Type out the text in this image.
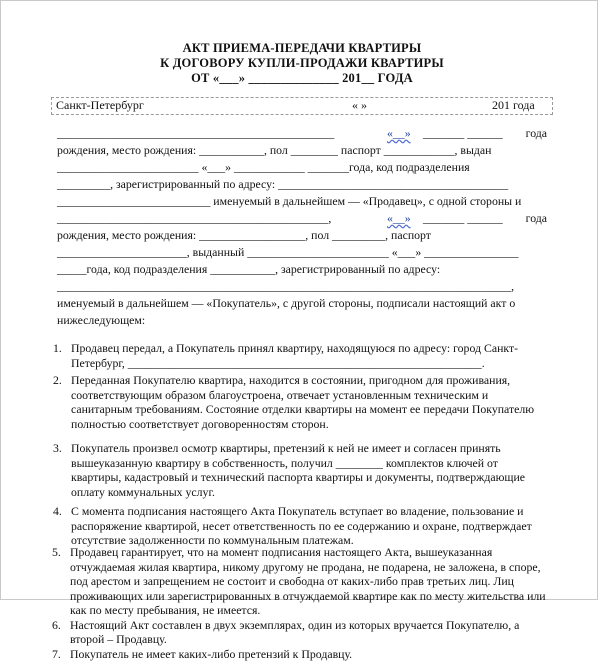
АКТ ПРИЕМА-ПЕРЕДАЧИ КВАРТИРЫ
К ДОГОВОРУ КУПЛИ-ПРОДАЖИ КВАРТИРЫ
ОТ «___» ______________ 201__ ГОДА
Санкт-Петербург	« »	201 года
_______________________________________________	«__» _______ ______ года
рождения, место рождения: ___________, пол ________ паспорт ____________, выдан
________________________ «___» ____________ _______года, код подразделения
_________, зарегистрированный по адресу: _______________________________________
__________________________ именуемый в дальнейшем — «Продавец», с одной стороны и
______________________________________________,	«__» _______ ______ года
рождения, место рождения: __________________, пол _________, паспорт
______________________, выданный ________________________ «___» ________________
_____года, код подразделения ___________, зарегистрированный по адресу:
_____________________________________________________________________________,
именуемый в дальнейшем — «Покупатель», с другой стороны, подписали настоящий акт о
нижеследующем:
1. Продавец передал, а Покупатель принял квартиру, находящуюся по адресу: город Санкт-Петербург, ____________________________________________________________.
2. Переданная Покупателю квартира, находится в состоянии, пригодном для проживания, соответствующим образом благоустроена, отвечает установленным техническим и санитарным требованиям. Состояние отделки квартиры на момент ее передачи Покупателю полностью соответствует договоренностям сторон.
3. Покупатель произвел осмотр квартиры, претензий к ней не имеет и согласен принять вышеуказанную квартиру в собственность, получил ________ комплектов ключей от квартиры, кадастровый и технический паспорта квартиры и документы, подтверждающие оплату коммунальных услуг.
4. С момента подписания настоящего Акта Покупатель вступает во владение, пользование и распоряжение квартирой, несет ответственность по ее содержанию и охране, подтверждает отсутствие задолженности по коммунальным платежам.
5. Продавец гарантирует, что на момент подписания настоящего Акта, вышеуказанная отчуждаемая жилая квартира, никому другому не продана, не подарена, не заложена, в споре, под арестом и запрещением не состоит и свободна от каких-либо прав третьих лиц. Лиц проживающих или зарегистрированных в отчуждаемой квартире как по месту жительства или как по месту пребывания, не имеется.
6. Настоящий Акт составлен в двух экземплярах, один из которых вручается Покупателю, а второй – Продавцу.
7. Покупатель не имеет каких-либо претензий к Продавцу.
